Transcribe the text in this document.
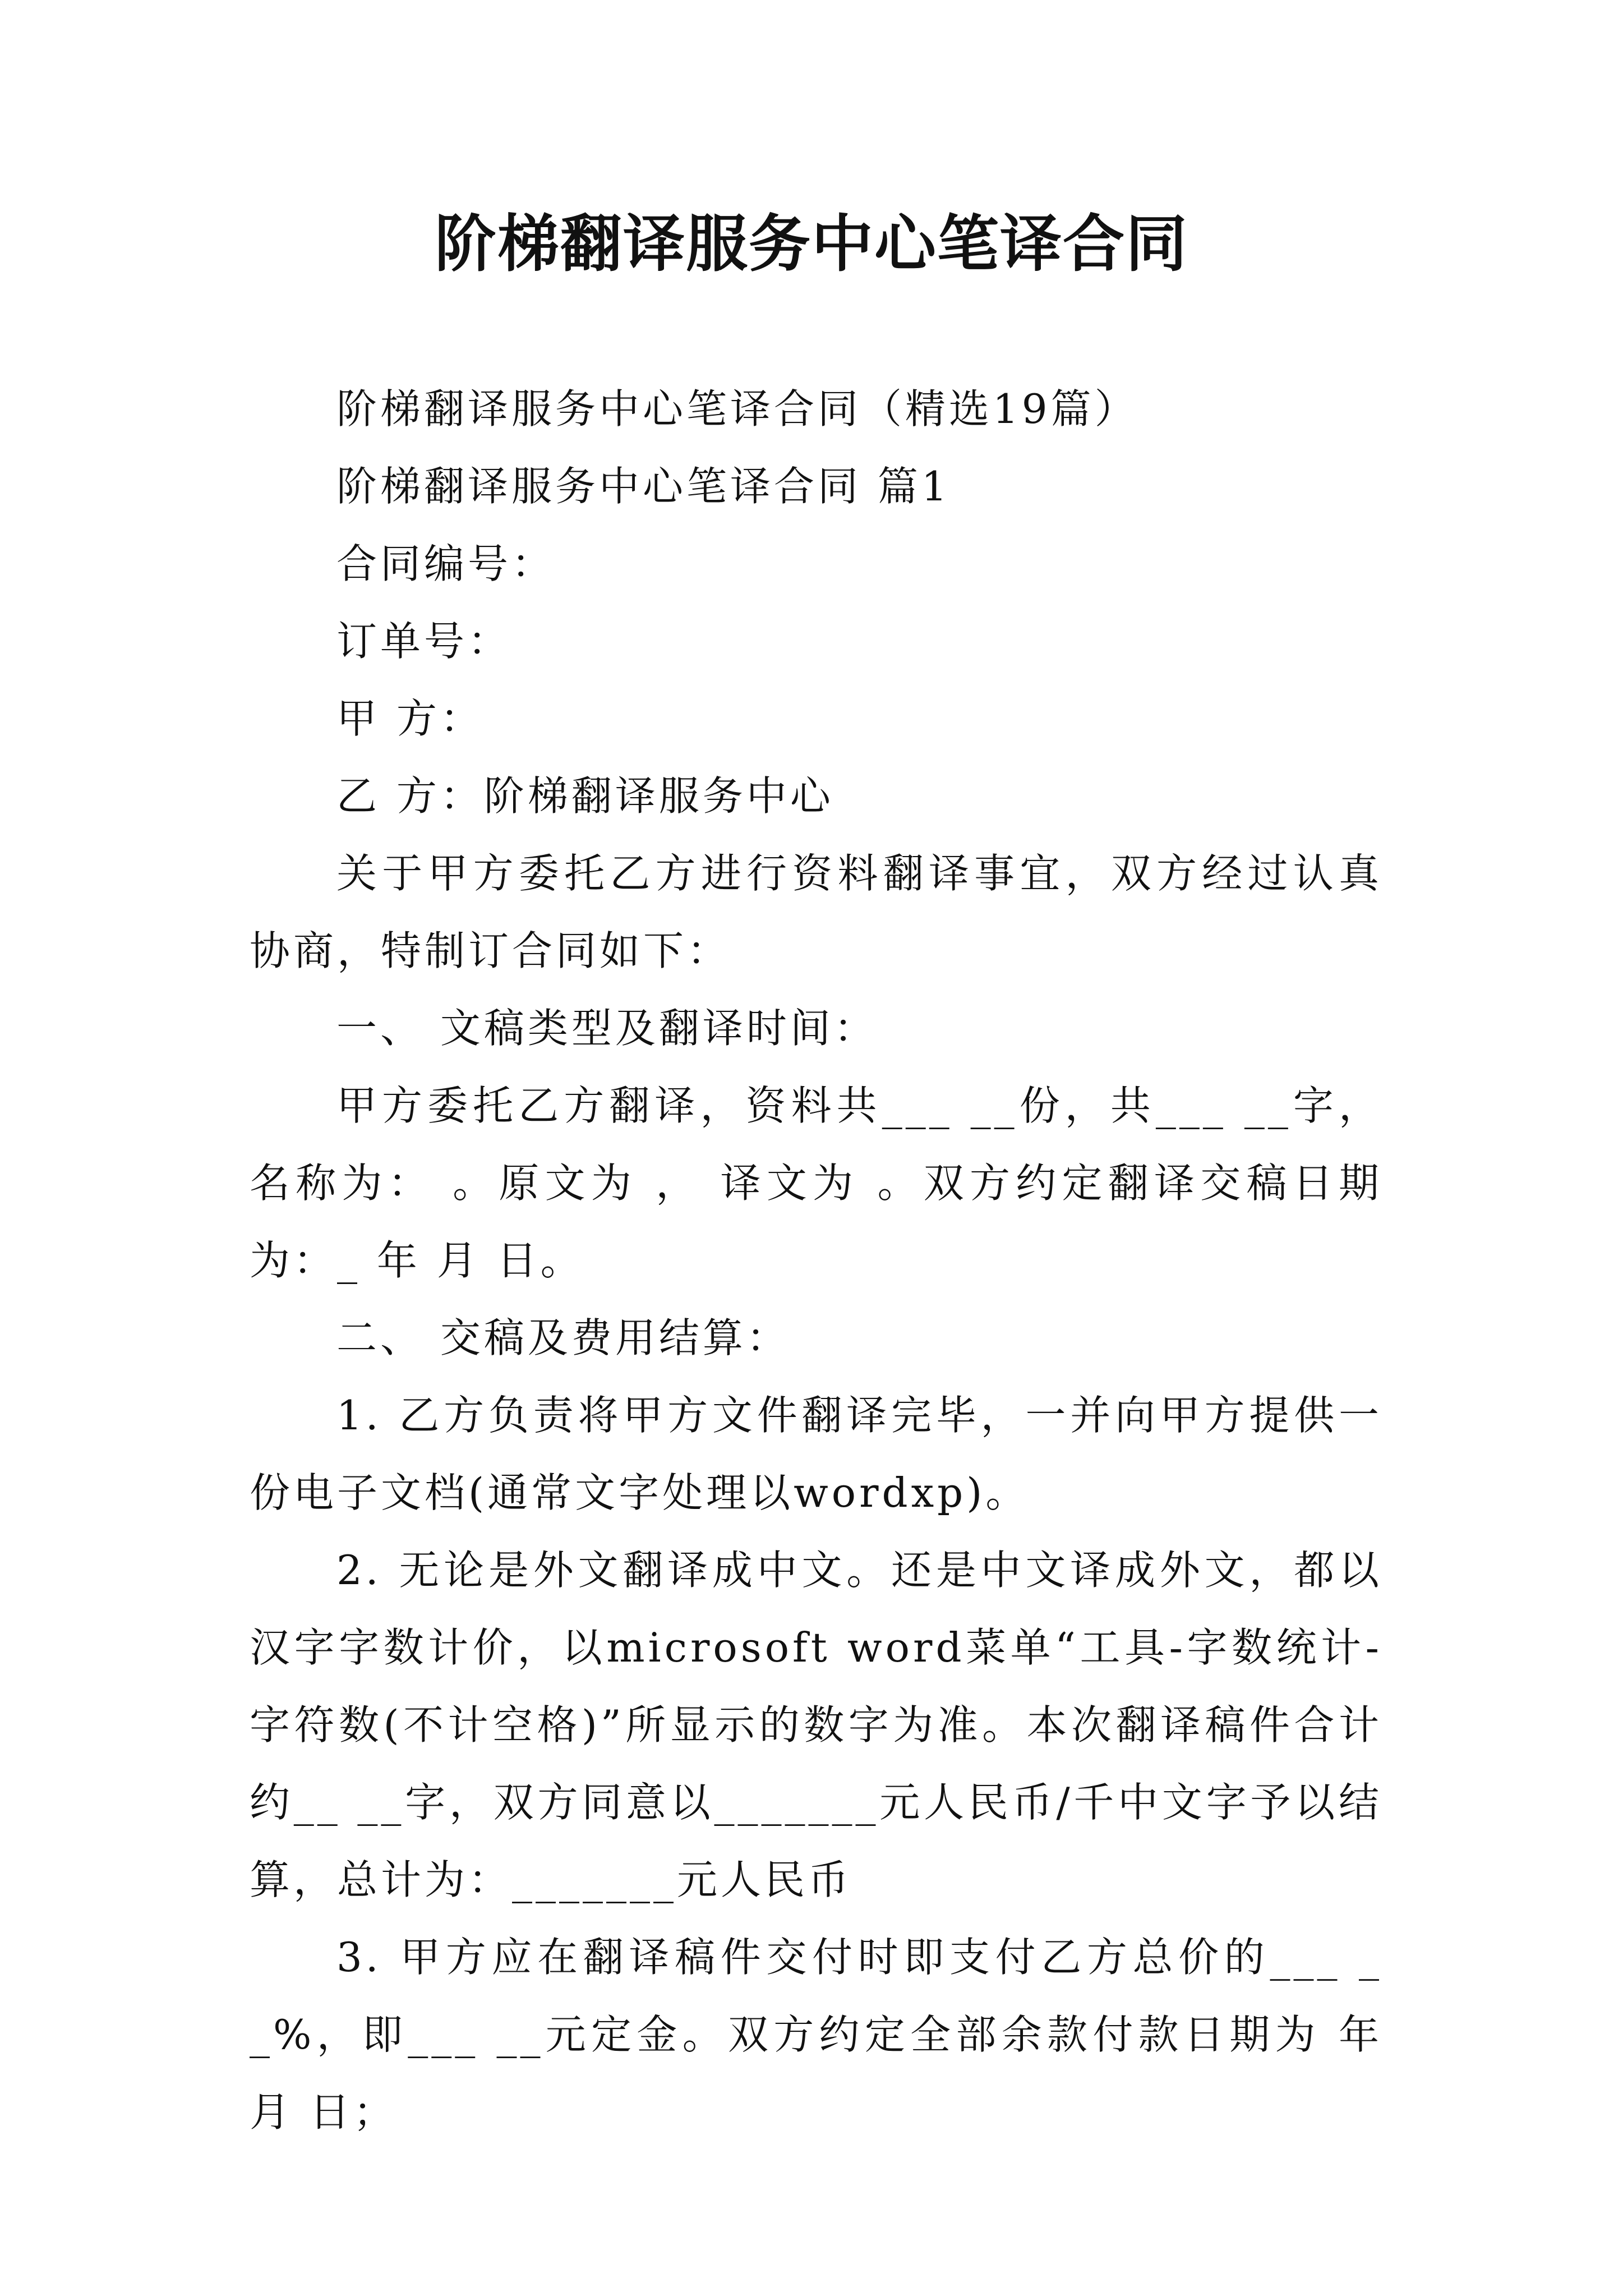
阶梯翻译服务中心笔译合同

阶梯翻译服务中心笔译合同（精选19篇）

阶梯翻译服务中心笔译合同 篇1

合同编号：

订单号：

甲 方：

乙 方：阶梯翻译服务中心

关于甲方委托乙方进行资料翻译事宜，双方经过认真协商，特制订合同如下：

一、 文稿类型及翻译时间：

甲方委托乙方翻译，资料共___ __份，共___ __字，名称为： 。原文为 ， 译文为 。双方约定翻译交稿日期为：_ 年 月 日。

二、 交稿及费用结算：

1. 乙方负责将甲方文件翻译完毕，一并向甲方提供一份电子文档(通常文字处理以wordxp)。

2. 无论是外文翻译成中文。还是中文译成外文，都以汉字字数计价，以microsoft word菜单“工具-字数统计-字符数(不计空格)”所显示的数字为准。本次翻译稿件合计约__ __字，双方同意以_______元人民币/千中文字予以结算，总计为：_______元人民币

3. 甲方应在翻译稿件交付时即支付乙方总价的___ __%，即___ __元定金。双方约定全部余款付款日期为 年 月 日；
